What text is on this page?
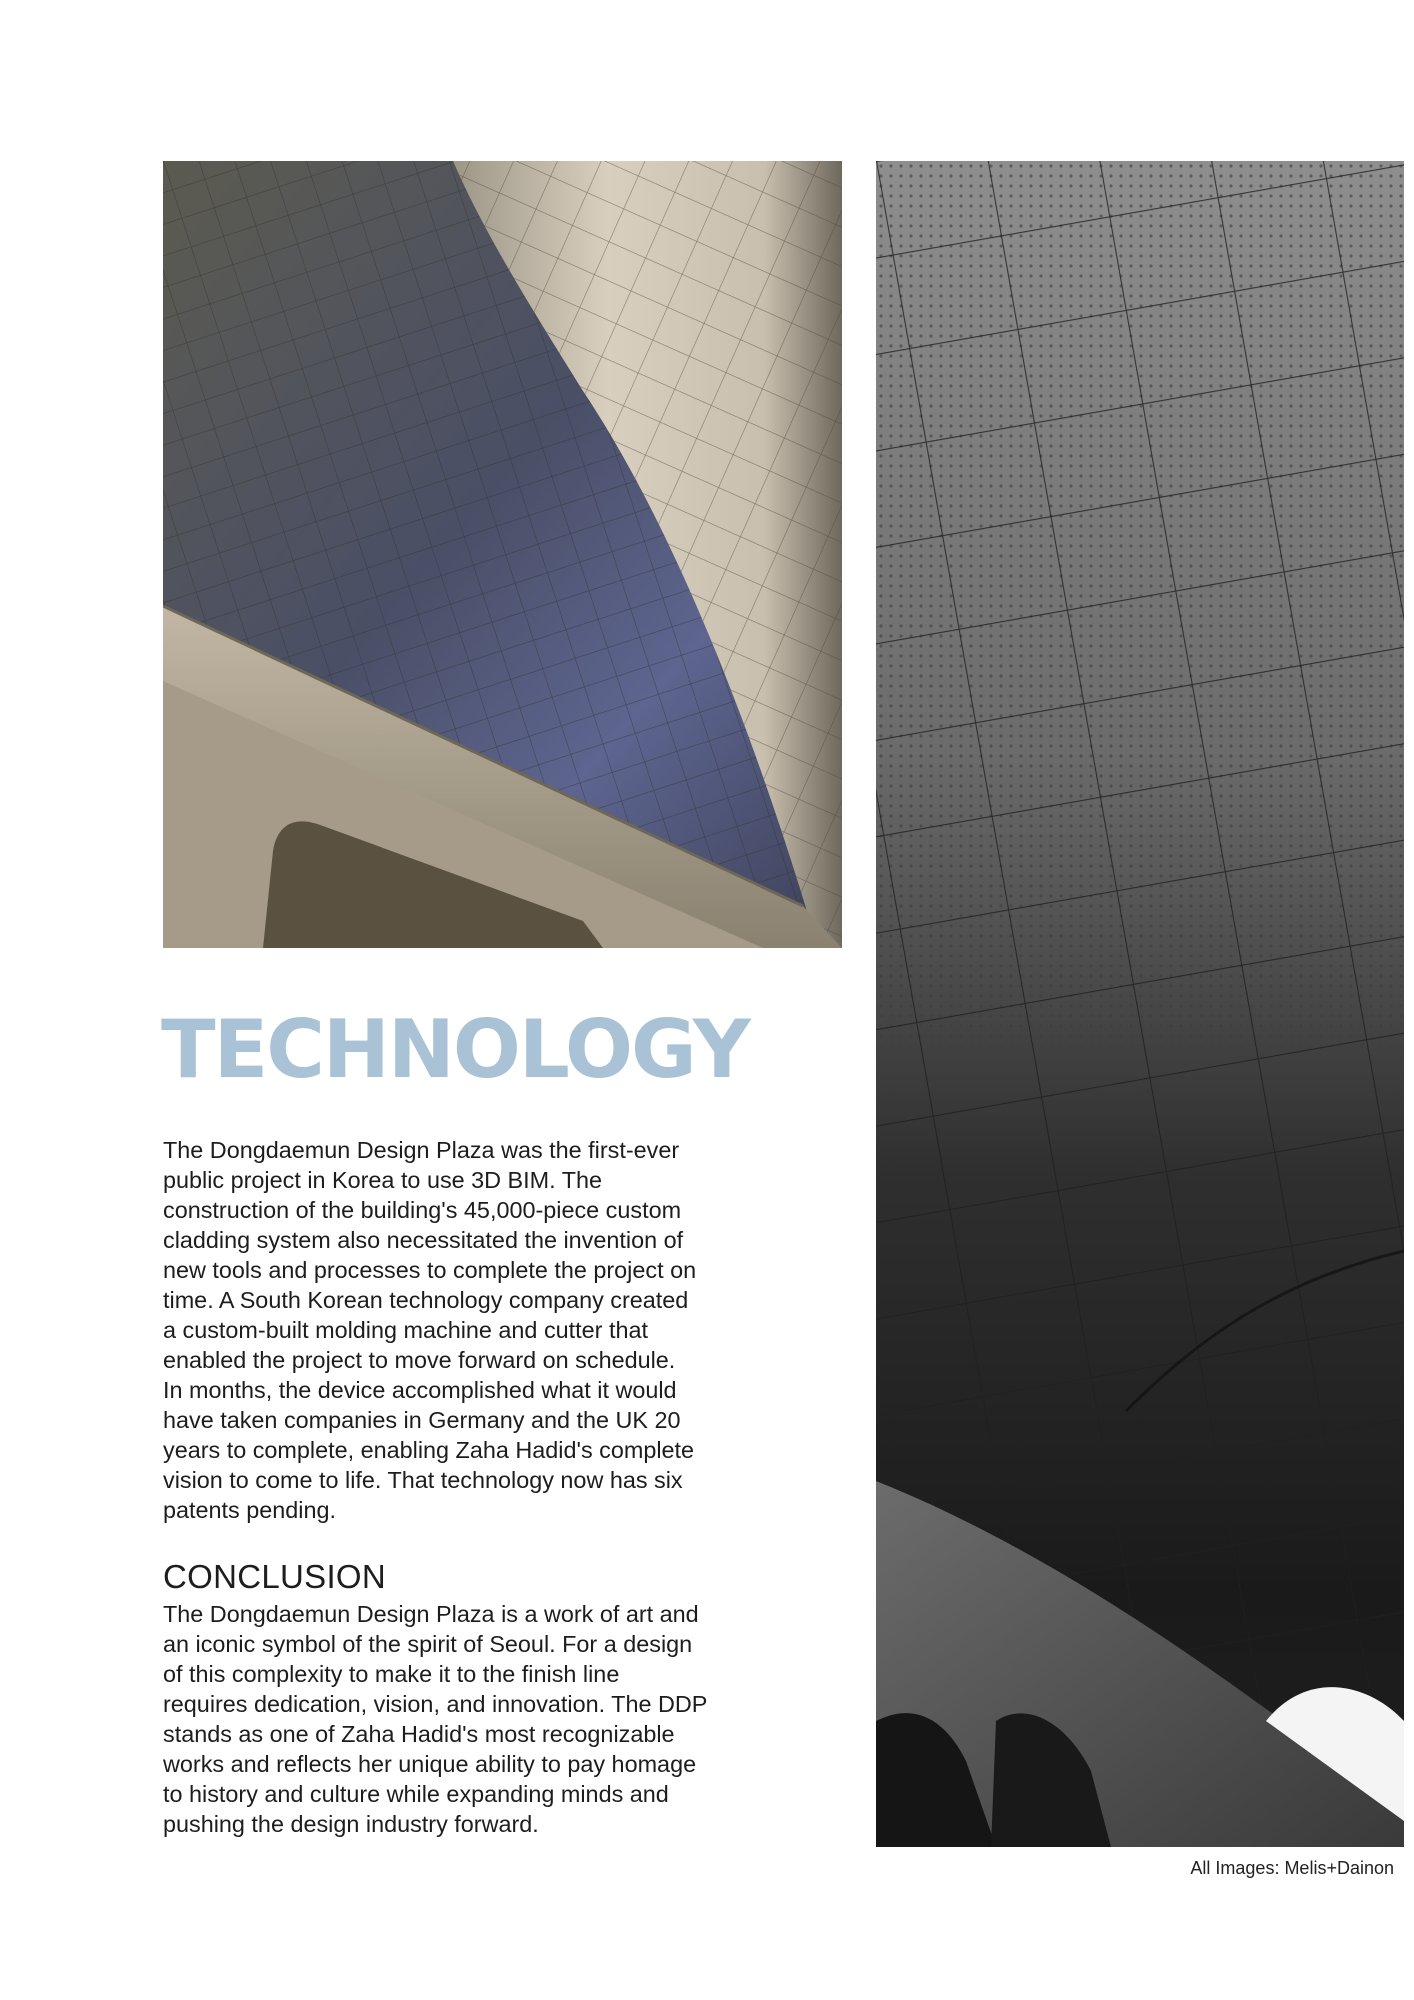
TECHNOLOGY
The Dongdaemun Design Plaza was the first-ever
public project in Korea to use 3D BIM. The
construction of the building's 45,000-piece custom
cladding system also necessitated the invention of
new tools and processes to complete the project on
time. A South Korean technology company created
a custom-built molding machine and cutter that
enabled the project to move forward on schedule.
In months, the device accomplished what it would
have taken companies in Germany and the UK 20
years to complete, enabling Zaha Hadid's complete
vision to come to life. That technology now has six
patents pending.
CONCLUSION
The Dongdaemun Design Plaza is a work of art and
an iconic symbol of the spirit of Seoul. For a design
of this complexity to make it to the finish line
requires dedication, vision, and innovation. The DDP
stands as one of Zaha Hadid's most recognizable
works and reflects her unique ability to pay homage
to history and culture while expanding minds and
pushing the design industry forward.
All Images: Melis+Dainon
